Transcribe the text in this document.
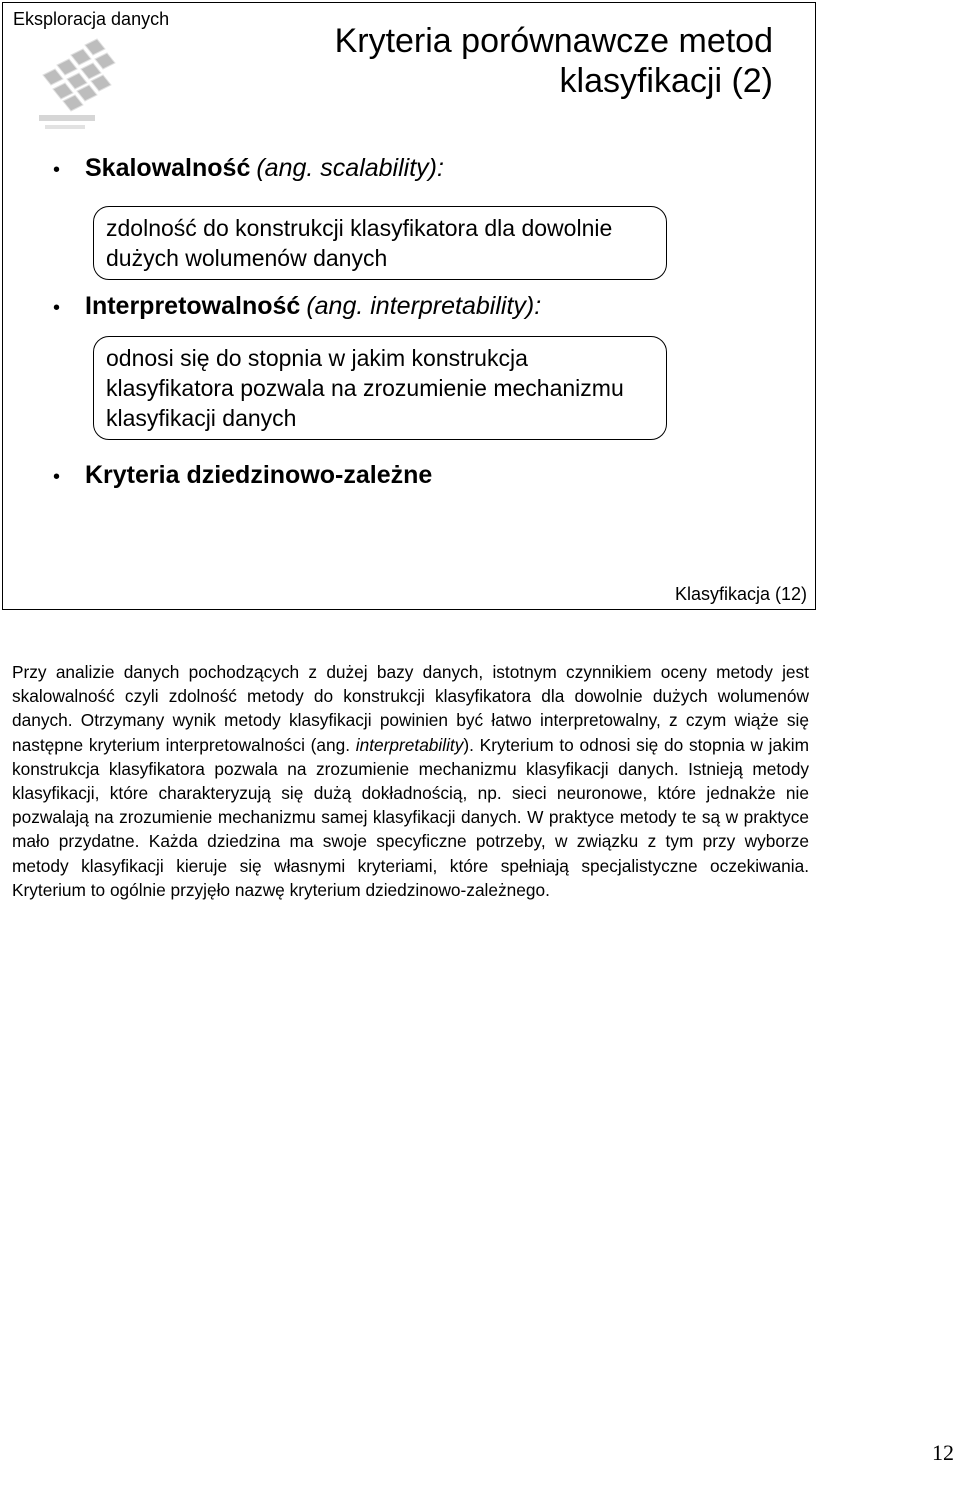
Eksploracja danych
Kryteria porównawcze metod
klasyfikacji (2)
• Skalowalność (ang. scalability):
zdolność do konstrukcji klasyfikatora dla dowolnie dużych wolumenów danych
• Interpretowalność (ang. interpretability):
odnosi się do stopnia w jakim konstrukcja klasyfikatora pozwala na zrozumienie mechanizmu klasyfikacji danych
• Kryteria dziedzinowo-zależne
Klasyfikacja (12)
Przy analizie danych pochodzących z dużej bazy danych, istotnym czynnikiem oceny metody jest skalowalność czyli zdolność metody do konstrukcji klasyfikatora dla dowolnie dużych wolumenów danych. Otrzymany wynik metody klasyfikacji powinien być łatwo interpretowalny, z czym wiąże się następne kryterium interpretowalności (ang. interpretability). Kryterium to odnosi się do stopnia w jakim konstrukcja klasyfikatora pozwala na zrozumienie mechanizmu klasyfikacji danych. Istnieją metody klasyfikacji, które charakteryzują się dużą dokładnością, np. sieci neuronowe, które jednakże nie pozwalają na zrozumienie mechanizmu samej klasyfikacji danych. W praktyce metody te są w praktyce mało przydatne. Każda dziedzina ma swoje specyficzne potrzeby, w związku z tym przy wyborze metody klasyfikacji kieruje się własnymi kryteriami, które spełniają specjalistyczne oczekiwania. Kryterium to ogólnie przyjęło nazwę kryterium dziedzinowo-zależnego.
12
